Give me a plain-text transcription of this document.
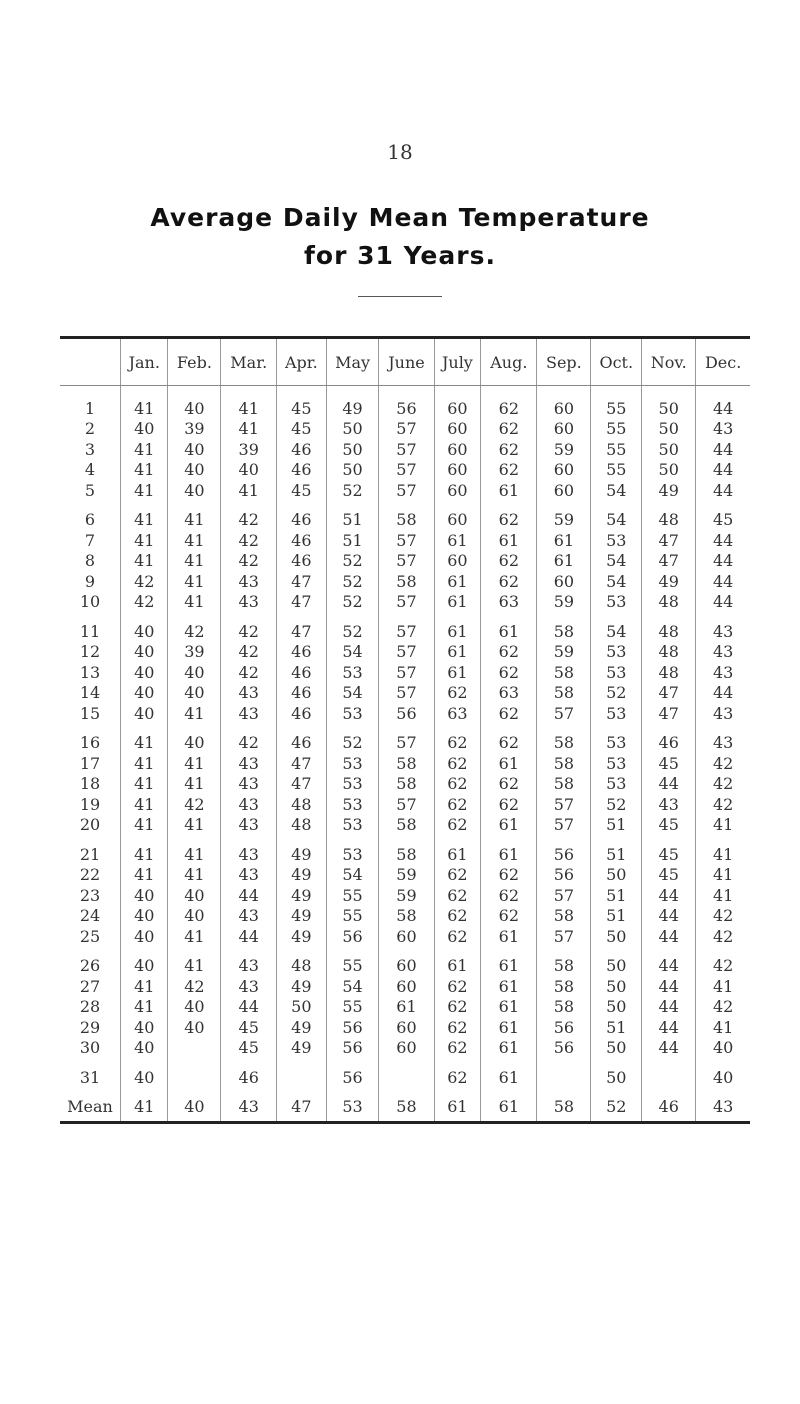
18
Average Daily Mean Temperature
for 31 Years.
	Jan.	Feb.	Mar.	Apr.	May	June	July	Aug.	Sep.	Oct.	Nov.	Dec.
1	41	40	41	45	49	56	60	62	60	55	50	44
2	40	39	41	45	50	57	60	62	60	55	50	43
3	41	40	39	46	50	57	60	62	59	55	50	44
4	41	40	40	46	50	57	60	62	60	55	50	44
5	41	40	41	45	52	57	60	61	60	54	49	44
6	41	41	42	46	51	58	60	62	59	54	48	45
7	41	41	42	46	51	57	61	61	61	53	47	44
8	41	41	42	46	52	57	60	62	61	54	47	44
9	42	41	43	47	52	58	61	62	60	54	49	44
10	42	41	43	47	52	57	61	63	59	53	48	44
11	40	42	42	47	52	57	61	61	58	54	48	43
12	40	39	42	46	54	57	61	62	59	53	48	43
13	40	40	42	46	53	57	61	62	58	53	48	43
14	40	40	43	46	54	57	62	63	58	52	47	44
15	40	41	43	46	53	56	63	62	57	53	47	43
16	41	40	42	46	52	57	62	62	58	53	46	43
17	41	41	43	47	53	58	62	61	58	53	45	42
18	41	41	43	47	53	58	62	62	58	53	44	42
19	41	42	43	48	53	57	62	62	57	52	43	42
20	41	41	43	48	53	58	62	61	57	51	45	41
21	41	41	43	49	53	58	61	61	56	51	45	41
22	41	41	43	49	54	59	62	62	56	50	45	41
23	40	40	44	49	55	59	62	62	57	51	44	41
24	40	40	43	49	55	58	62	62	58	51	44	42
25	40	41	44	49	56	60	62	61	57	50	44	42
26	40	41	43	48	55	60	61	61	58	50	44	42
27	41	42	43	49	54	60	62	61	58	50	44	41
28	41	40	44	50	55	61	62	61	58	50	44	42
29	40	40	45	49	56	60	62	61	56	51	44	41
30	40		45	49	56	60	62	61	56	50	44	40
31	40		46		56		62	61		50		40
Mean	41	40	43	47	53	58	61	61	58	52	46	43
